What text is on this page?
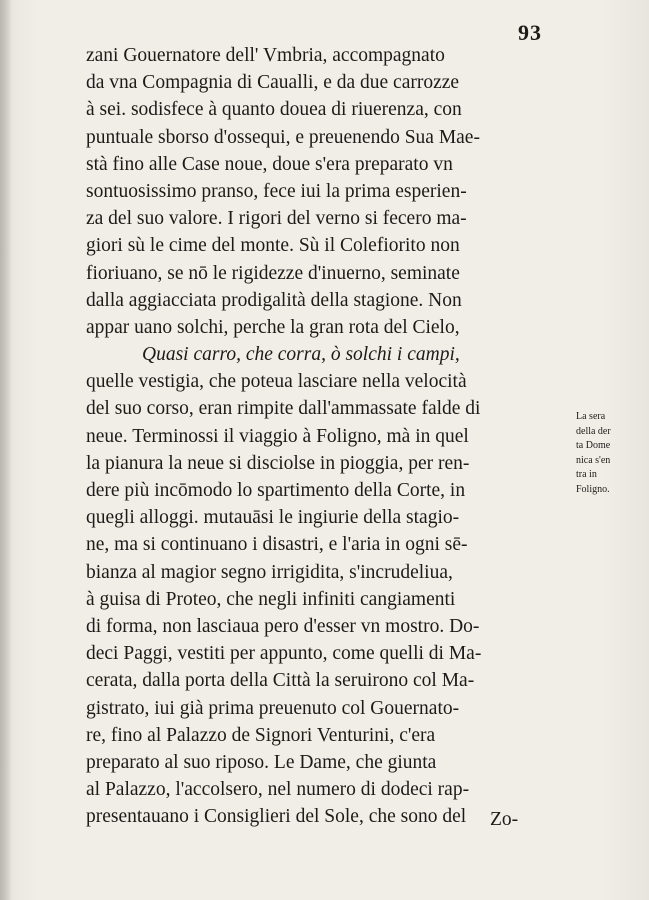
93
zani Gouernatore dell' Vmbria, accompagnato
da vna Compagnia di Caualli, e da due carrozze
à sei. sodisfece à quanto doueа di riuerenza, con
puntuale sborso d'ossequi, e preuenendo Sua Mae-
stà fino alle Case noue, doue s'era preparato vn
sontuosissimo pranso, fece iui la prima esperien-
za del suo valore. I rigori del verno si fecero ma-
giori sù le cime del monte. Sù il Colefiorito non
fioriuano, se nō le rigidezze d'inuerno, seminate
dalla aggiacciata prodigalità della stagione. Non
appar uano solchi, perche la gran rota del Cielo,
Quasi carro, che corra, ò solchi i campi,
quelle vestigia, che poteua lasciare nella velocità
del suo corso, eran rimpite dall'ammassate falde di
neue. Terminossi il viaggio à Foligno, mà in quel
la pianura la neue si disciolse in pioggia, per ren-
dere più incōmodo lo spartimento della Corte, in
quegli alloggi. mutauāsi le ingiurie della stagio-
ne, ma si continuano i disastri, e l'aria in ogni sē-
bianza al magior segno irrigidita, s'incrudeliua,
à guisa di Proteo, che negli infiniti cangiamenti
di forma, non lasciaua pero d'esser vn mostro. Do-
deci Paggi, vestiti per appunto, come quelli di Ma-
cerata, dalla porta della Città la seruirono col Ma-
gistrato, iui già prima preuenuto col Gouernato-
re, fino al Palazzo de Signori Venturini, c'era
preparato al suo riposo. Le Dame, che giunta
al Palazzo, l'accolsero, nel numero di dodeci rap-
presentauano i Consiglieri del Sole, che sono del	Zo-
La sera
della der
ta Dome
nica s'en
tra in
Foligno.
